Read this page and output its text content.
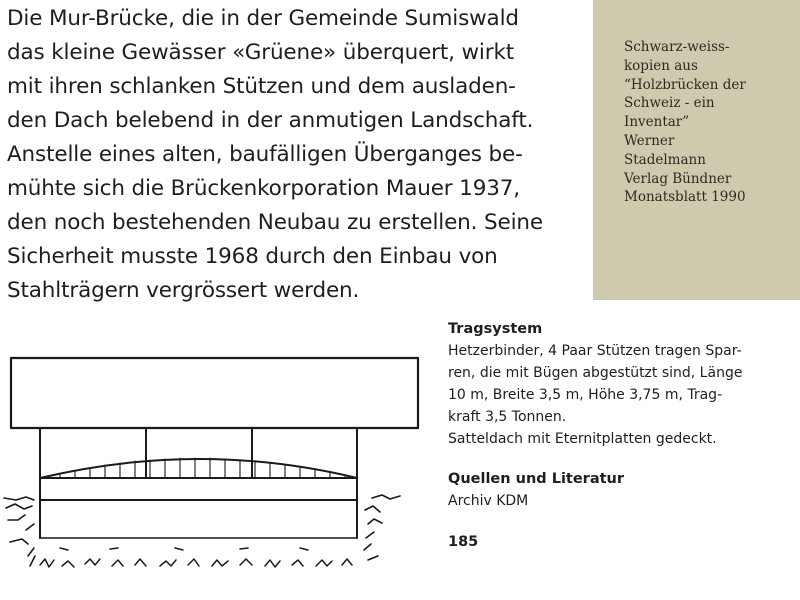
Die Mur-Brücke, die in der Gemeinde Sumiswald
das kleine Gewässer «Grüene» überquert, wirkt
mit ihren schlanken Stützen und dem ausladen-
den Dach belebend in der anmutigen Landschaft.
Anstelle eines alten, baufälligen Überganges be-
mühte sich die Brückenkorporation Mauer 1937,
den noch bestehenden Neubau zu erstellen. Seine
Sicherheit musste 1968 durch den Einbau von
Stahlträgern vergrössert werden.
Schwarz-weiss-
kopien aus
“Holzbrücken der
Schweiz - ein
Inventar”
Werner
Stadelmann
Verlag Bündner
Monatsblatt 1990
Tragsystem
Hetzerbinder, 4 Paar Stützen tragen Spar-
ren, die mit Bügen abgestützt sind, Länge
10 m, Breite 3,5 m, Höhe 3,75 m, Trag-
kraft 3,5 Tonnen.
Satteldach mit Eternitplatten gedeckt.
Quellen und Literatur
Archiv KDM
185
